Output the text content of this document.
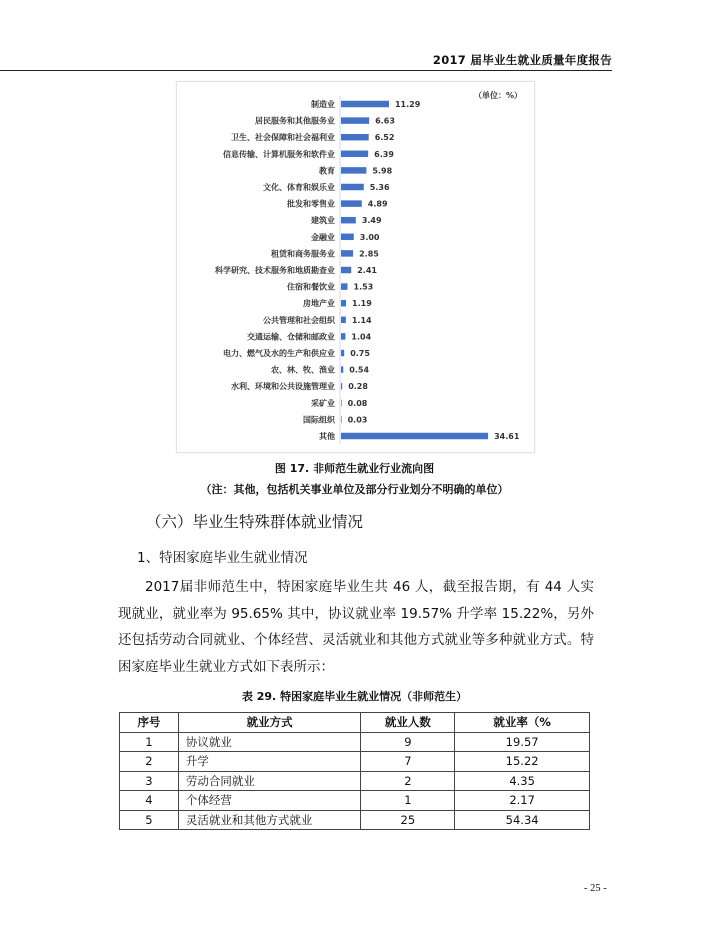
2017 届毕业生就业质量年度报告
（单位：%）
制造业	11.29
居民服务和其他服务业	6.63
卫生、社会保障和社会福利业	6.52
信息传输、计算机服务和软件业	6.39
教育	5.98
文化、体育和娱乐业	5.36
批发和零售业	4.89
建筑业	3.49
金融业	3.00
租赁和商务服务业	2.85
科学研究、技术服务和地质勘查业	2.41
住宿和餐饮业 1.53
房地产业 1.19
公共管理和社会组织 1.14
交通运输、仓储和邮政业 1.04
电力、燃气及水的生产和供应业 0.75
农、林、牧、渔业 0.54
水利、环境和公共设施管理业 0.28
采矿业 0.08
国际组织 0.03
其他	34.61
图 17. 非师范生就业行业流向图
（注：其他，包括机关事业单位及部分行业划分不明确的单位）
（六）毕业生特殊群体就业情况
1、特困家庭毕业生就业情况

2017届非师范生中，特困家庭毕业生共 46 人，截至报告期，有 44 人实现就业，就业率为 95.65% 其中，协议就业率 19.57% 升学率 15.22%，另外还包括劳动合同就业、个体经营、灵活就业和其他方式就业等多种就业方式。特困家庭毕业生就业方式如下表所示：

表 29. 特困家庭毕业生就业情况（非师范生）
序号	就业方式	就业人数	就业率（%
1	协议就业	9	19.57
2	升学	7	15.22
3	劳动合同就业	2	4.35
4	个体经营	1	2.17
5	灵活就业和其他方式就业	25	54.34
- 25 -
